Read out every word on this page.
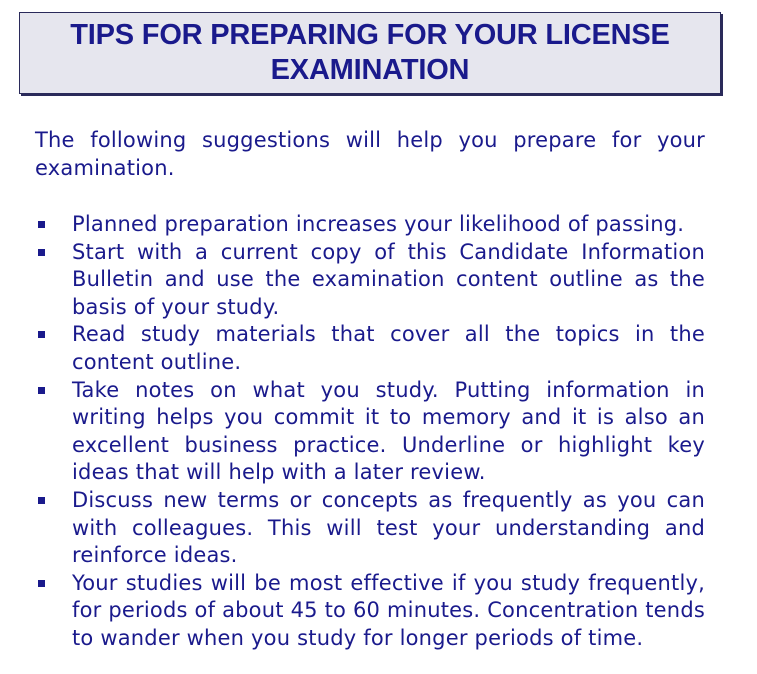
TIPS FOR PREPARING FOR YOUR LICENSE
EXAMINATION

The following suggestions will help you prepare for your examination.

Planned preparation increases your likelihood of passing.
Start with a current copy of this Candidate Information Bulletin and use the examination content outline as the basis of your study.
Read study materials that cover all the topics in the content outline.
Take notes on what you study. Putting information in writing helps you commit it to memory and it is also an excellent business practice. Underline or highlight key ideas that will help with a later review.
Discuss new terms or concepts as frequently as you can with colleagues. This will test your understanding and reinforce ideas.
Your studies will be most effective if you study frequently, for periods of about 45 to 60 minutes. Concentration tends to wander when you study for longer periods of time.
